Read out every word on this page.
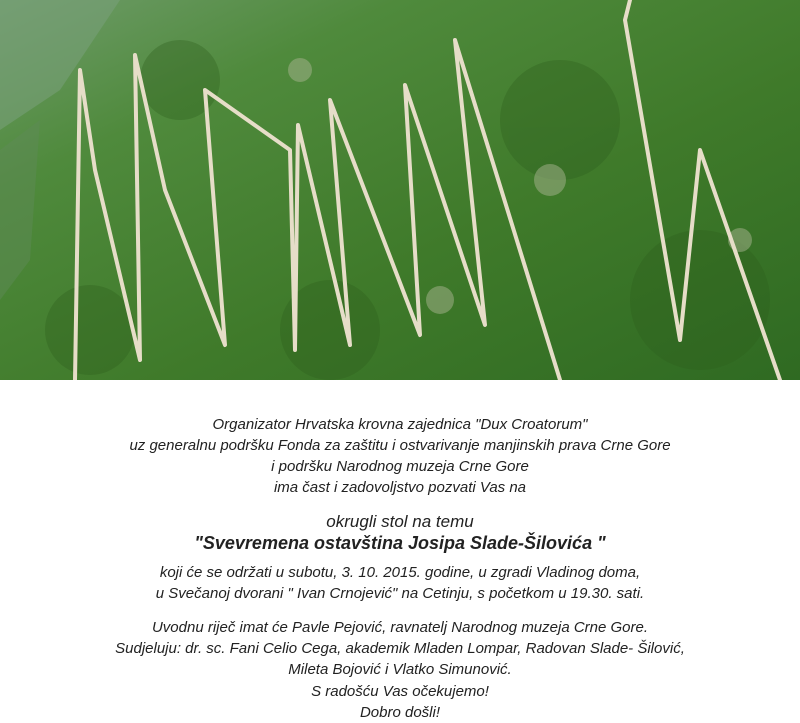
Organizator Hrvatska krovna zajednica "Dux Croatorum"
uz generalnu podršku Fonda za zaštitu i ostvarivanje manjinskih prava Crne Gore
i podršku Narodnog muzeja Crne Gore
ima čast i zadovoljstvo pozvati Vas na
okrugli stol na temu
"Svevremena ostavština Josipa Slade-Šilovića "
koji će se održati u subotu, 3. 10. 2015. godine, u zgradi Vladinog doma,
u Svečanoj dvorani " Ivan Crnojević" na Cetinju, s početkom u 19.30. sati.
Uvodnu riječ imat će Pavle Pejović, ravnatelj Narodnog muzeja Crne Gore.
Sudjeluju: dr. sc. Fani Celio Cega, akademik Mladen Lompar, Radovan Slade- Šilović,
Mileta Bojović i Vlatko Simunović.
S radošću Vas očekujemo!
Dobro došli!
